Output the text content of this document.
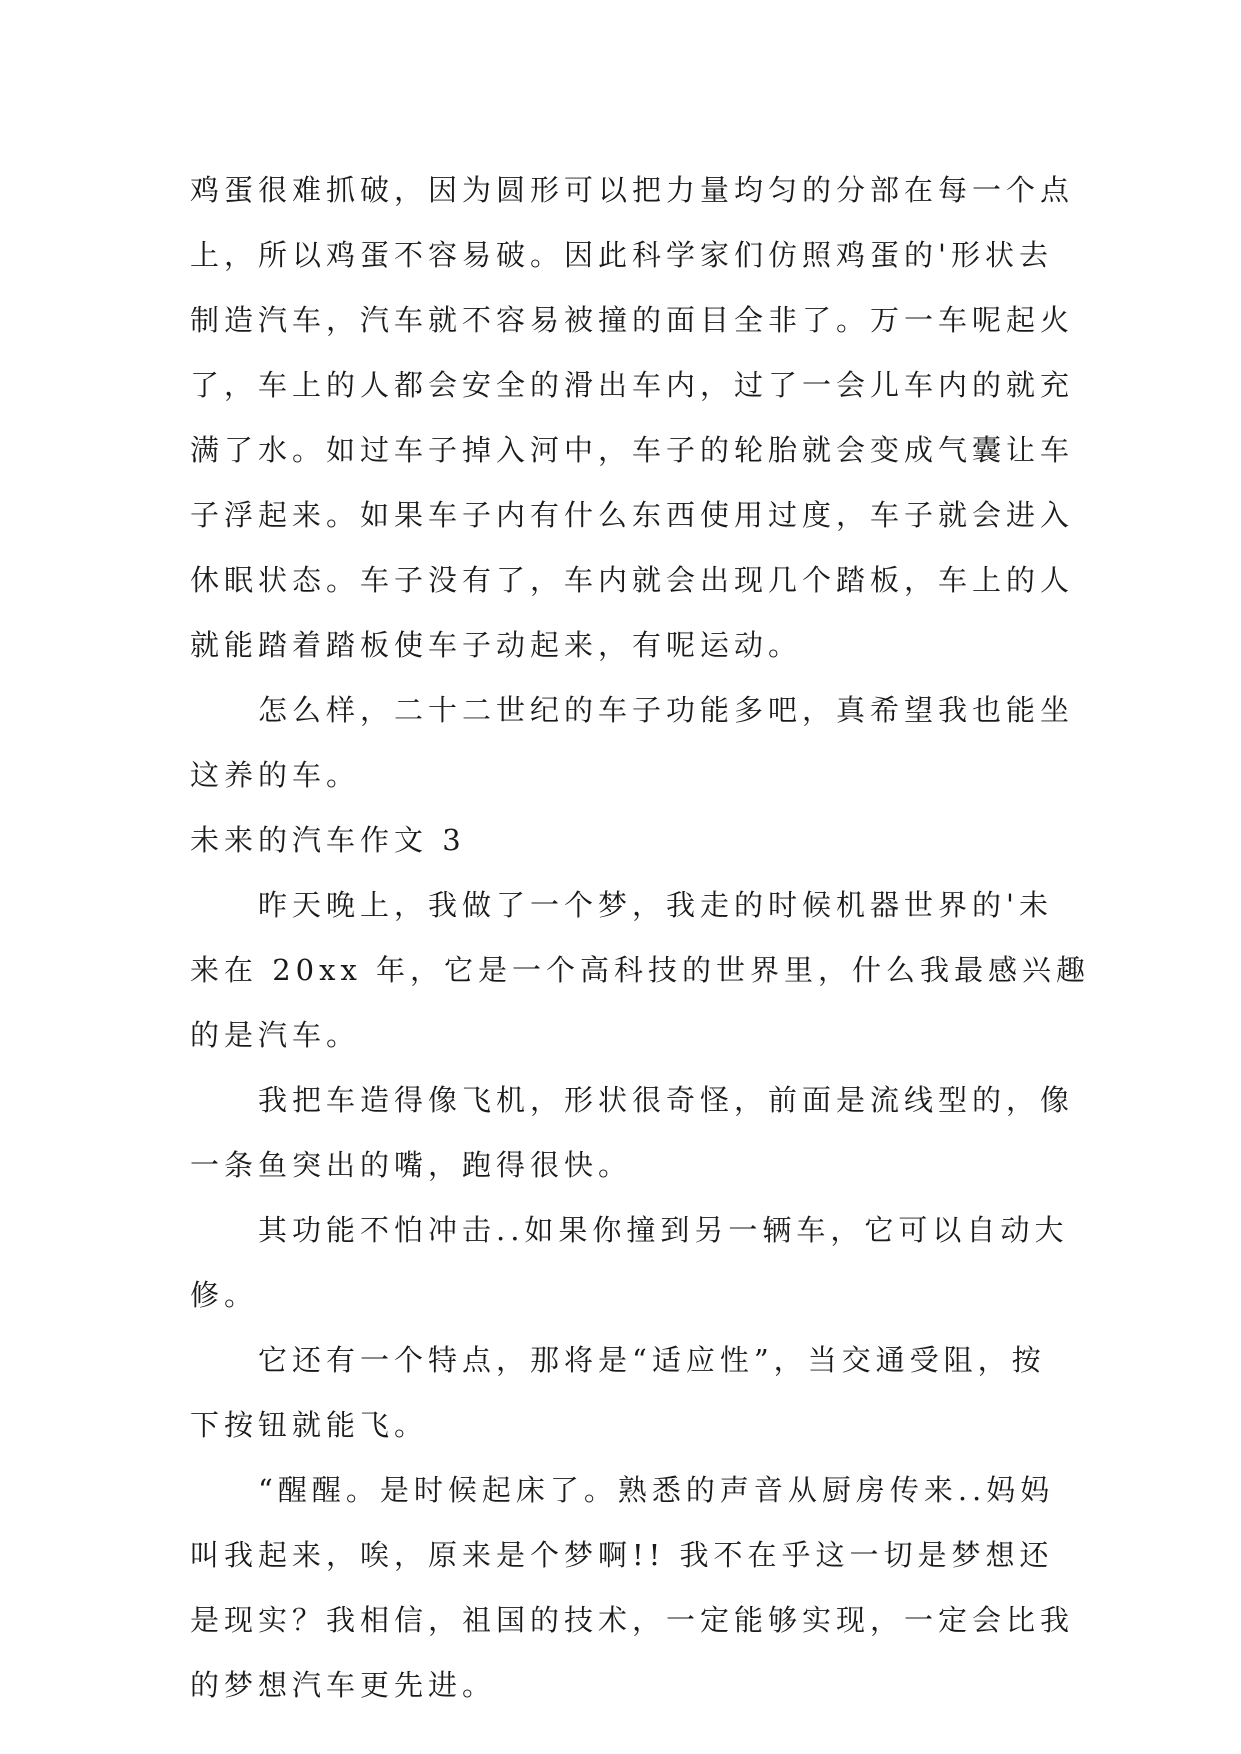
鸡蛋很难抓破，因为圆形可以把力量均匀的分部在每一个点
上，所以鸡蛋不容易破。因此科学家们仿照鸡蛋的'形状去
制造汽车，汽车就不容易被撞的面目全非了。万一车呢起火
了，车上的人都会安全的滑出车内，过了一会儿车内的就充
满了水。如过车子掉入河中，车子的轮胎就会变成气囊让车
子浮起来。如果车子内有什么东西使用过度，车子就会进入
休眠状态。车子没有了，车内就会出现几个踏板，车上的人
就能踏着踏板使车子动起来，有呢运动。
怎么样，二十二世纪的车子功能多吧，真希望我也能坐
这养的车。
未来的汽车作文 3
昨天晚上，我做了一个梦，我走的时候机器世界的'未
来在 20xx 年，它是一个高科技的世界里，什么我最感兴趣
的是汽车。
我把车造得像飞机，形状很奇怪，前面是流线型的，像
一条鱼突出的嘴，跑得很快。
其功能不怕冲击..如果你撞到另一辆车，它可以自动大
修。
它还有一个特点，那将是“适应性”，当交通受阻，按
下按钮就能飞。
“醒醒。是时候起床了。熟悉的声音从厨房传来..妈妈
叫我起来，唉，原来是个梦啊!! 我不在乎这一切是梦想还
是现实？我相信，祖国的技术，一定能够实现，一定会比我
的梦想汽车更先进。
